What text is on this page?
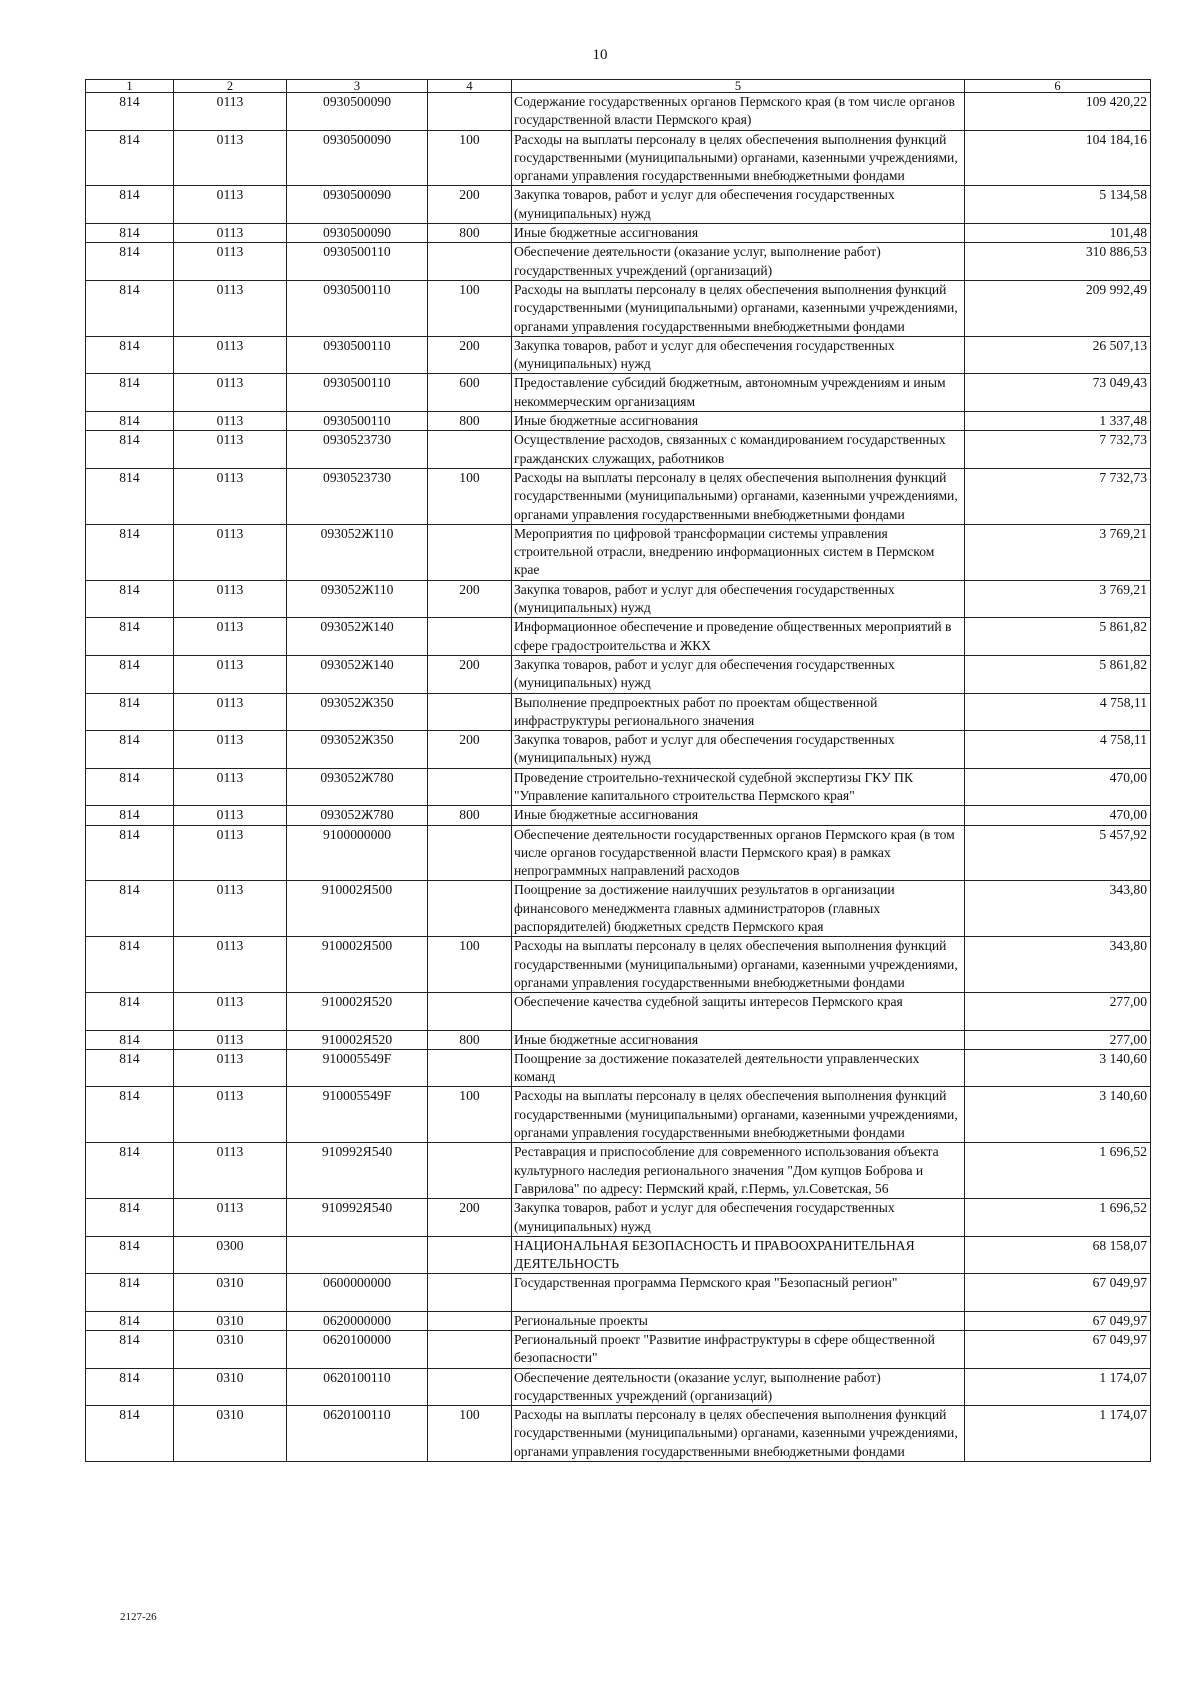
10
1	2	3	4	5	6
814	0113	0930500090		Содержание государственных органов Пермского края (в том числе органов государственной власти Пермского края)	109 420,22
814	0113	0930500090	100	Расходы на выплаты персоналу в целях обеспечения выполнения функций государственными (муниципальными) органами, казенными учреждениями, органами управления государственными внебюджетными фондами	104 184,16
814	0113	0930500090	200	Закупка товаров, работ и услуг для обеспечения государственных (муниципальных) нужд	5 134,58
814	0113	0930500090	800	Иные бюджетные ассигнования	101,48
814	0113	0930500110		Обеспечение деятельности (оказание услуг, выполнение работ) государственных учреждений (организаций)	310 886,53
814	0113	0930500110	100	Расходы на выплаты персоналу в целях обеспечения выполнения функций государственными (муниципальными) органами, казенными учреждениями, органами управления государственными внебюджетными фондами	209 992,49
814	0113	0930500110	200	Закупка товаров, работ и услуг для обеспечения государственных (муниципальных) нужд	26 507,13
814	0113	0930500110	600	Предоставление субсидий бюджетным, автономным учреждениям и иным некоммерческим организациям	73 049,43
814	0113	0930500110	800	Иные бюджетные ассигнования	1 337,48
814	0113	0930523730		Осуществление расходов, связанных с командированием государственных гражданских служащих, работников	7 732,73
814	0113	0930523730	100	Расходы на выплаты персоналу в целях обеспечения выполнения функций государственными (муниципальными) органами, казенными учреждениями, органами управления государственными внебюджетными фондами	7 732,73
814	0113	093052Ж110		Мероприятия по цифровой трансформации системы управления строительной отрасли, внедрению информационных систем в Пермском крае	3 769,21
814	0113	093052Ж110	200	Закупка товаров, работ и услуг для обеспечения государственных (муниципальных) нужд	3 769,21
814	0113	093052Ж140		Информационное обеспечение и проведение общественных мероприятий в сфере градостроительства и ЖКХ	5 861,82
814	0113	093052Ж140	200	Закупка товаров, работ и услуг для обеспечения государственных (муниципальных) нужд	5 861,82
814	0113	093052Ж350		Выполнение предпроектных работ по проектам общественной инфраструктуры регионального значения	4 758,11
814	0113	093052Ж350	200	Закупка товаров, работ и услуг для обеспечения государственных (муниципальных) нужд	4 758,11
814	0113	093052Ж780		Проведение строительно-технической судебной экспертизы ГКУ ПК "Управление капитального строительства Пермского края"	470,00
814	0113	093052Ж780	800	Иные бюджетные ассигнования	470,00
814	0113	9100000000		Обеспечение деятельности государственных органов Пермского края (в том числе органов государственной власти Пермского края) в рамках непрограммных направлений расходов	5 457,92
814	0113	910002Я500		Поощрение за достижение наилучших результатов в организации финансового менеджмента главных администраторов (главных распорядителей) бюджетных средств Пермского края	343,80
814	0113	910002Я500	100	Расходы на выплаты персоналу в целях обеспечения выполнения функций государственными (муниципальными) органами, казенными учреждениями, органами управления государственными внебюджетными фондами	343,80
814	0113	910002Я520		Обеспечение качества судебной защиты интересов Пермского края	277,00
814	0113	910002Я520	800	Иные бюджетные ассигнования	277,00
814	0113	910005549F		Поощрение за достижение показателей деятельности управленческих команд	3 140,60
814	0113	910005549F	100	Расходы на выплаты персоналу в целях обеспечения выполнения функций государственными (муниципальными) органами, казенными учреждениями, органами управления государственными внебюджетными фондами	3 140,60
814	0113	910992Я540		Реставрация и приспособление для современного использования объекта культурного наследия регионального значения "Дом купцов Боброва и Гаврилова" по адресу: Пермский край, г.Пермь, ул.Советская, 56	1 696,52
814	0113	910992Я540	200	Закупка товаров, работ и услуг для обеспечения государственных (муниципальных) нужд	1 696,52
814	0300			НАЦИОНАЛЬНАЯ БЕЗОПАСНОСТЬ И ПРАВООХРАНИТЕЛЬНАЯ ДЕЯТЕЛЬНОСТЬ	68 158,07
814	0310	0600000000		Государственная программа Пермского края "Безопасный регион"	67 049,97
814	0310	0620000000		Региональные проекты	67 049,97
814	0310	0620100000		Региональный проект "Развитие инфраструктуры в сфере общественной безопасности"	67 049,97
814	0310	0620100110		Обеспечение деятельности (оказание услуг, выполнение работ) государственных учреждений (организаций)	1 174,07
814	0310	0620100110	100	Расходы на выплаты персоналу в целях обеспечения выполнения функций государственными (муниципальными) органами, казенными учреждениями, органами управления государственными внебюджетными фондами	1 174,07
2127-26
